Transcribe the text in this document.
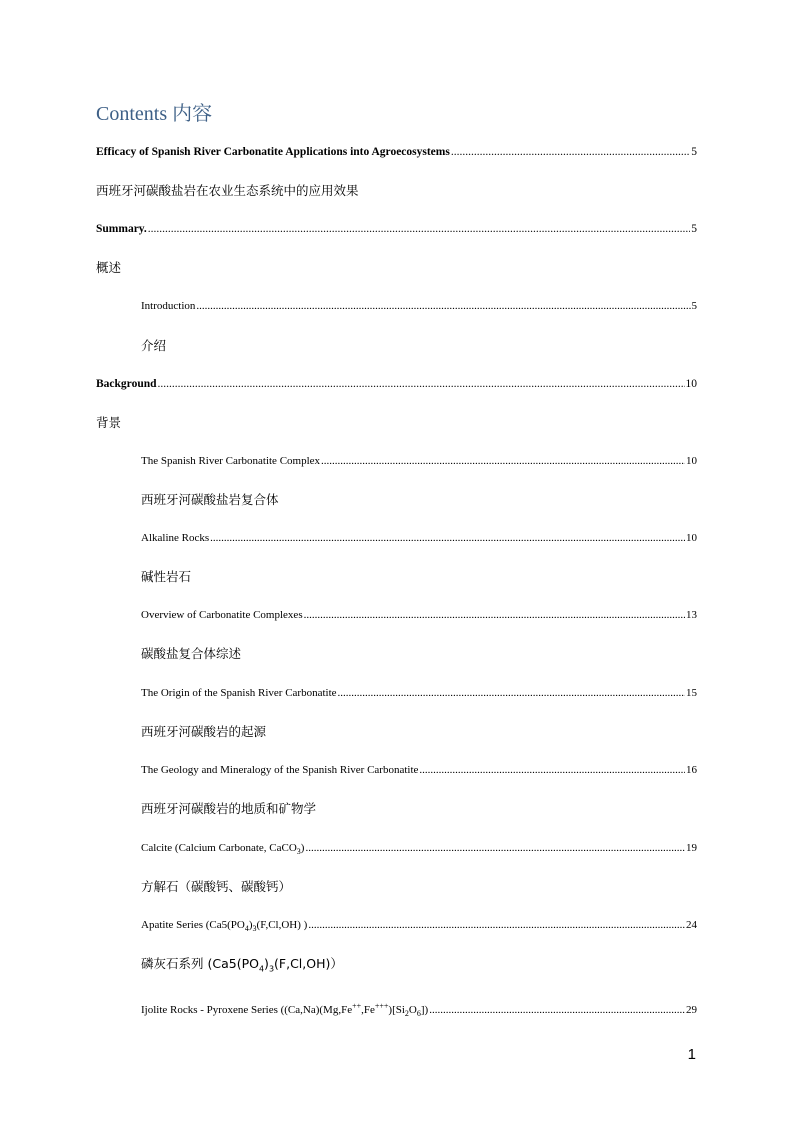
Contents 内容
Efficacy of Spanish River Carbonatite Applications into Agroecosystems .....	5
西班牙河碳酸盐岩在农业生态系统中的应用效果
Summary. .....	5
概述
Introduction .....	5
介绍
Background .....	10
背景
The Spanish River Carbonatite Complex .....	10
西班牙河碳酸盐岩复合体
Alkaline Rocks .....	10
碱性岩石
Overview of Carbonatite Complexes .....	13
碳酸盐复合体综述
The Origin of the Spanish River Carbonatite .....	15
西班牙河碳酸岩的起源
The Geology and Mineralogy of the Spanish River Carbonatite .....	16
西班牙河碳酸岩的地质和矿物学
Calcite (Calcium Carbonate, CaCO$_3$) .....	19
方解石（碳酸钙、碳酸钙）
Apatite Series ($Ca5(PO_4)_3(F,Cl,OH)$ ) .....	24
磷灰石系列 $(Ca5(PO_4)_3(F,Cl,OH))$
Ijolite Rocks - Pyroxene Series $((Ca,Na)(Mg,Fe^{++},Fe^{+++})[Si_2O_6])$ .....	29
1
